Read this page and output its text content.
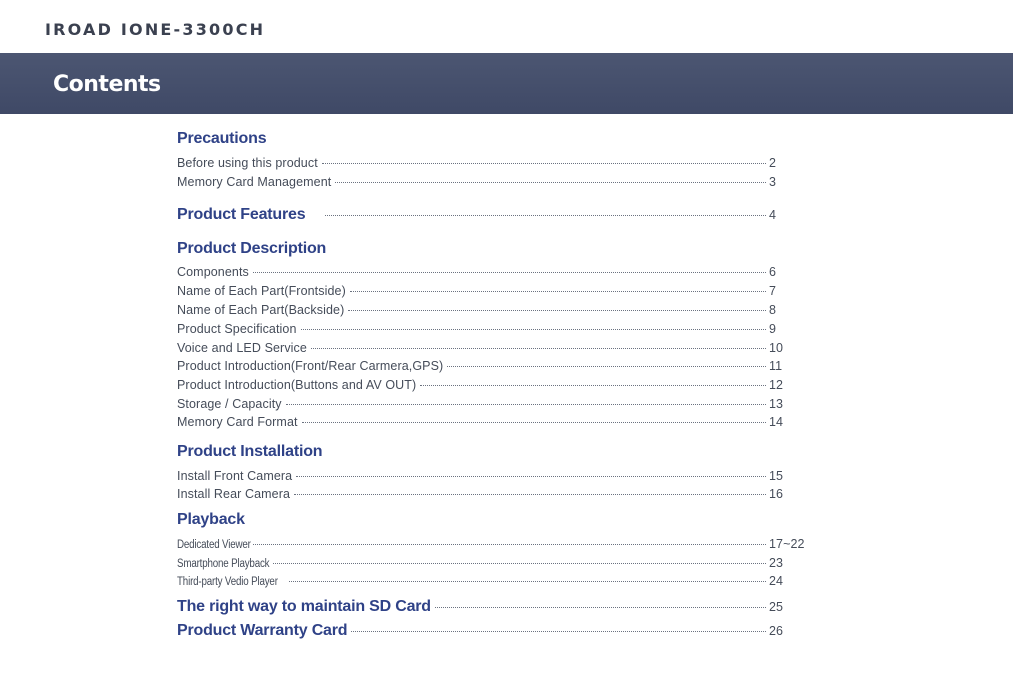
IROAD IONE-3300CH
Contents
Precautions
Before using this product	2
Memory Card Management	3
Product Features	4
Product Description
Components	6
Name of Each Part(Frontside)	7
Name of Each Part(Backside)	8
Product Specification	9
Voice and LED Service	10
Product Introduction(Front/Rear Carmera,GPS)	11
Product Introduction(Buttons and AV OUT)	12
Storage / Capacity	13
Memory Card Format	14
Product Installation
Install Front Camera	15
Install Rear Camera	16
Playback
Dedicated Viewer	17~22
Smartphone Playback	23
Third-party Vedio Player	24
The right way to maintain SD Card	25
Product Warranty Card	26
